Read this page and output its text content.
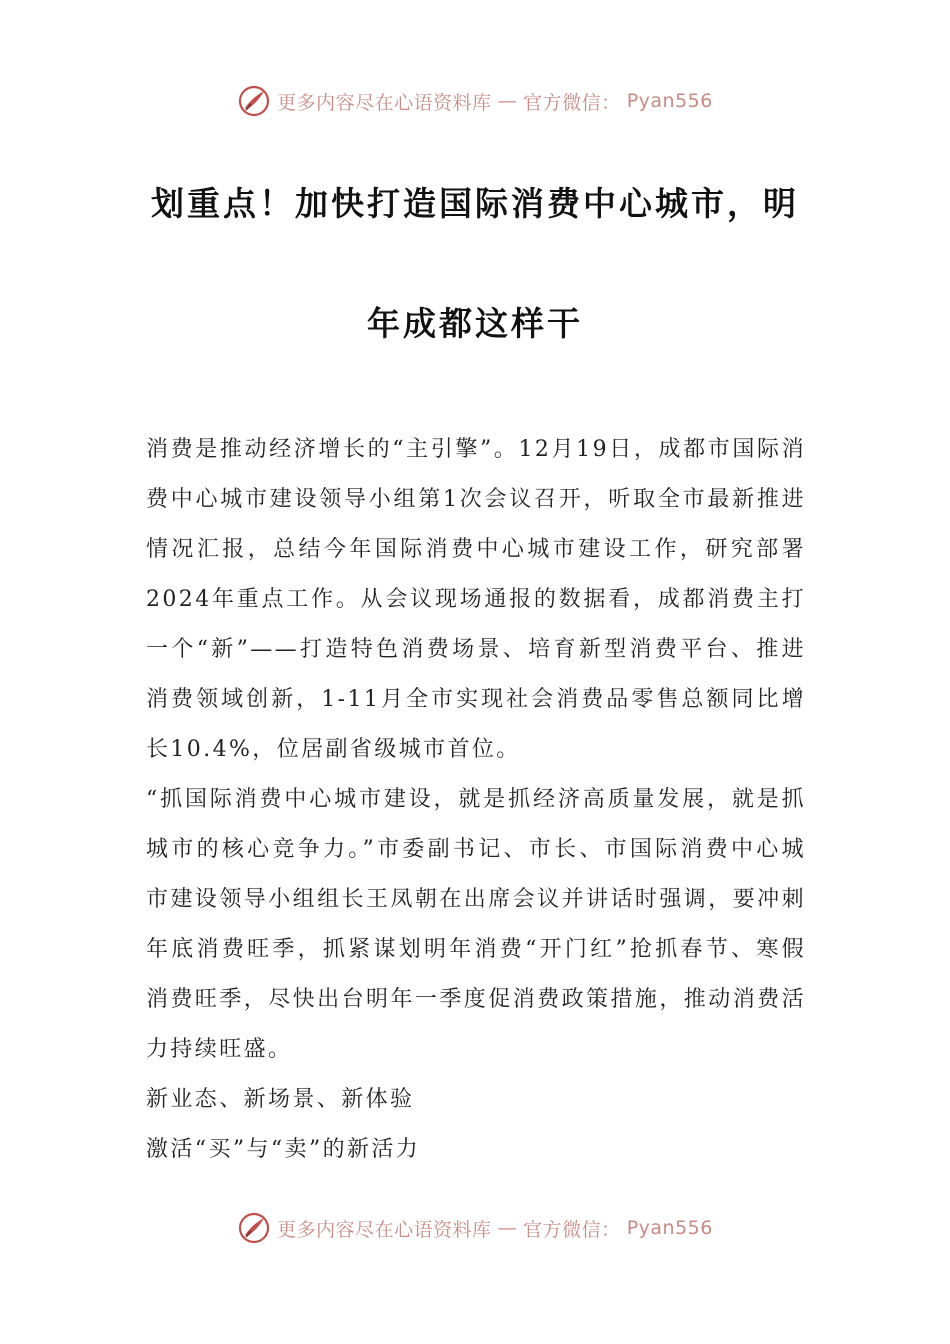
更多内容尽在心语资料库 — 官方微信： Pyan556
划重点！加快打造国际消费中心城市，明
年成都这样干

消费是推动经济增长的“主引擎”。12月19日，成都市国际消费中心城市建设领导小组第1次会议召开，听取全市最新推进情况汇报，总结今年国际消费中心城市建设工作，研究部署2024年重点工作。从会议现场通报的数据看，成都消费主打一个“新”——打造特色消费场景、培育新型消费平台、推进消费领域创新，1-11月全市实现社会消费品零售总额同比增长10.4%，位居副省级城市首位。

“抓国际消费中心城市建设，就是抓经济高质量发展，就是抓城市的核心竞争力。”市委副书记、市长、市国际消费中心城市建设领导小组组长王凤朝在出席会议并讲话时强调，要冲刺年底消费旺季，抓紧谋划明年消费“开门红”抢抓春节、寒假消费旺季，尽快出台明年一季度促消费政策措施，推动消费活力持续旺盛。

新业态、新场景、新体验

激活“买”与“卖”的新活力

更多内容尽在心语资料库 — 官方微信： Pyan556
